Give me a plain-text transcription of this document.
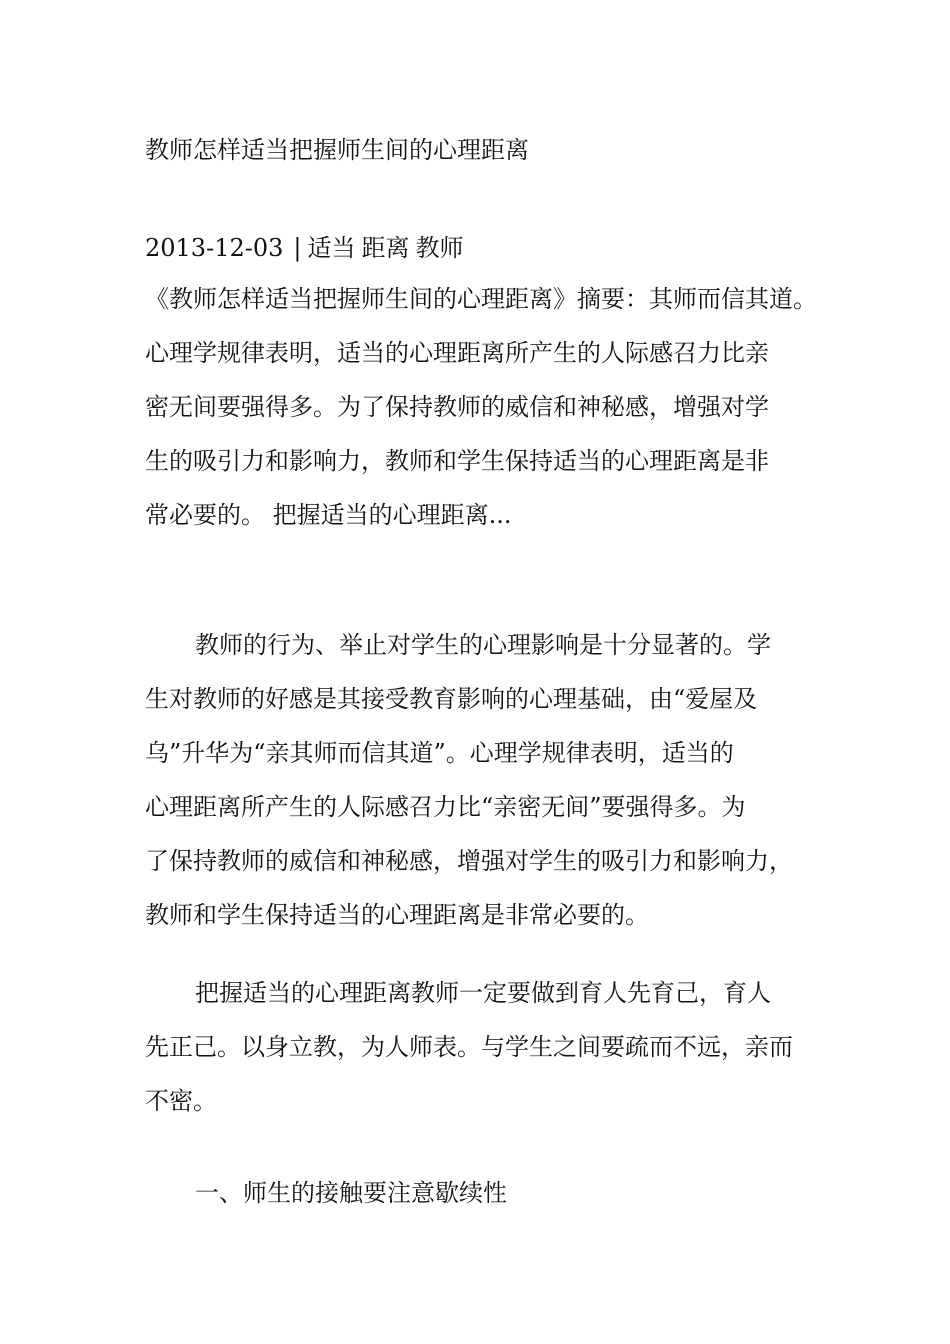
教师怎样适当把握师生间的心理距离
2013-12-03 | 适当 距离 教师
《教师怎样适当把握师生间的心理距离》摘要：其师而信其道。
心理学规律表明，适当的心理距离所产生的人际感召力比亲
密无间要强得多。为了保持教师的威信和神秘感，增强对学
生的吸引力和影响力，教师和学生保持适当的心理距离是非
常必要的。 把握适当的心理距离...
教师的行为、举止对学生的心理影响是十分显著的。学
生对教师的好感是其接受教育影响的心理基础，由“爱屋及
乌”升华为“亲其师而信其道”。心理学规律表明，适当的
心理距离所产生的人际感召力比“亲密无间”要强得多。为
了保持教师的威信和神秘感，增强对学生的吸引力和影响力，
教师和学生保持适当的心理距离是非常必要的。
把握适当的心理距离教师一定要做到育人先育己，育人
先正己。以身立教，为人师表。与学生之间要疏而不远，亲而
不密。
一、师生的接触要注意歇续性
